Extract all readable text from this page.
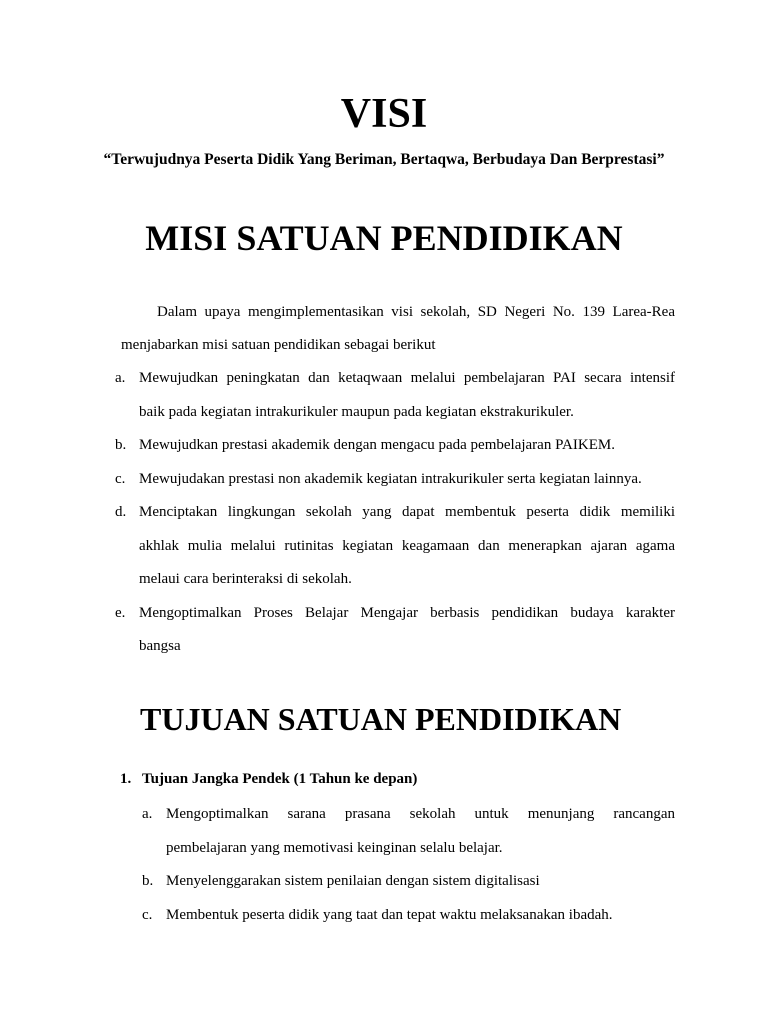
VISI

“Terwujudnya Peserta Didik Yang Beriman, Bertaqwa, Berbudaya Dan Berprestasi”

MISI SATUAN PENDIDIKAN
Dalam upaya mengimplementasikan visi sekolah, SD Negeri No. 139 Larea-Rea
menjabarkan misi satuan pendidikan sebagai berikut
a. Mewujudkan peningkatan dan ketaqwaan melalui pembelajaran PAI secara intensif
baik pada kegiatan intrakurikuler maupun pada kegiatan ekstrakurikuler.
b. Mewujudkan prestasi akademik dengan mengacu pada pembelajaran PAIKEM.
c. Mewujudakan prestasi non akademik kegiatan intrakurikuler serta kegiatan lainnya.
d. Menciptakan lingkungan sekolah yang dapat membentuk peserta didik memiliki
akhlak mulia melalui rutinitas kegiatan keagamaan dan menerapkan ajaran agama
melaui cara berinteraksi di sekolah.
e. Mengoptimalkan Proses Belajar Mengajar berbasis pendidikan budaya karakter
bangsa
TUJUAN SATUAN PENDIDIKAN

1. Tujuan Jangka Pendek (1 Tahun ke depan)

a. Mengoptimalkan sarana prasana sekolah untuk menunjang rancangan
pembelajaran yang memotivasi keinginan selalu belajar.
b. Menyelenggarakan sistem penilaian dengan sistem digitalisasi
c. Membentuk peserta didik yang taat dan tepat waktu melaksanakan ibadah.
